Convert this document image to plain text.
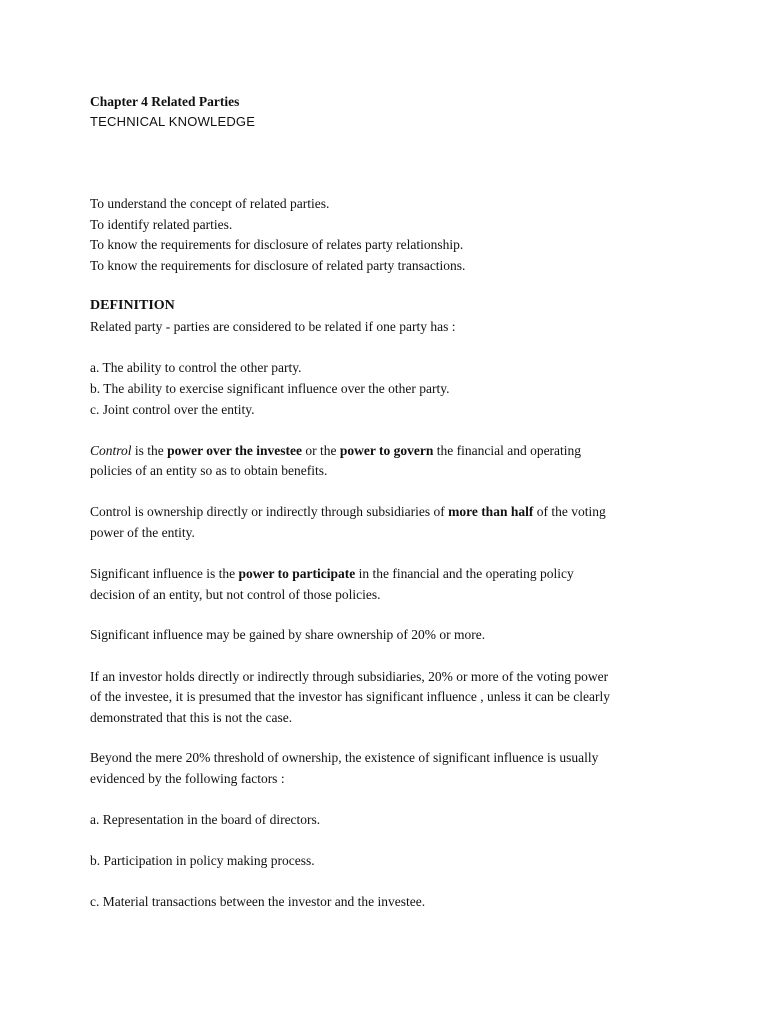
Chapter 4 Related Parties
TECHNICAL KNOWLEDGE
To understand the concept of related parties.
To identify related parties.
To know the requirements for disclosure of relates party relationship.
To know the requirements for disclosure of related party transactions.
DEFINITION
Related party - parties are considered to be related if one party has :
a. The ability to control the other party.
b. The ability to exercise significant influence over the other party.
c. Joint control over the entity.
Control is the power over the investee or the power to govern the financial and operating
policies of an entity so as to obtain benefits.
Control is ownership directly or indirectly through subsidiaries of more than half of the voting
power of the entity.
Significant influence is the power to participate in the financial and the operating policy
decision of an entity, but not control of those policies.
Significant influence may be gained by share ownership of 20% or more.
If an investor holds directly or indirectly through subsidiaries, 20% or more of the voting power
of the investee, it is presumed that the investor has significant influence , unless it can be clearly
demonstrated that this is not the case.
Beyond the mere 20% threshold of ownership, the existence of significant influence is usually
evidenced by the following factors :
a. Representation in the board of directors.
b. Participation in policy making process.
c. Material transactions between the investor and the investee.
